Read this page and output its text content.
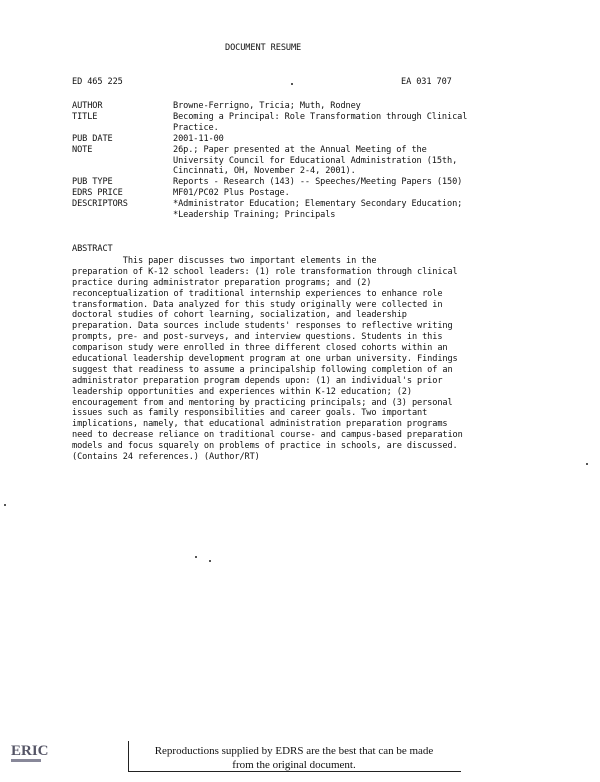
DOCUMENT RESUME
ED 465 225	EA 031 707
AUTHOR	Browne-Ferrigno, Tricia; Muth, Rodney
TITLE	Becoming a Principal: Role Transformation through Clinical
Practice.
PUB DATE	2001-11-00
NOTE	26p.; Paper presented at the Annual Meeting of the
University Council for Educational Administration (15th,
Cincinnati, OH, November 2-4, 2001).
PUB TYPE	Reports - Research (143) -- Speeches/Meeting Papers (150)
EDRS PRICE	MF01/PC02 Plus Postage.
DESCRIPTORS	*Administrator Education; Elementary Secondary Education;
*Leadership Training; Principals
ABSTRACT
This paper discusses two important elements in the
preparation of K-12 school leaders: (1) role transformation through clinical
practice during administrator preparation programs; and (2)
reconceptualization of traditional internship experiences to enhance role
transformation. Data analyzed for this study originally were collected in
doctoral studies of cohort learning, socialization, and leadership
preparation. Data sources include students' responses to reflective writing
prompts, pre- and post-surveys, and interview questions. Students in this
comparison study were enrolled in three different closed cohorts within an
educational leadership development program at one urban university. Findings
suggest that readiness to assume a principalship following completion of an
administrator preparation program depends upon: (1) an individual's prior
leadership opportunities and experiences within K-12 education; (2)
encouragement from and mentoring by practicing principals; and (3) personal
issues such as family responsibilities and career goals. Two important
implications, namely, that educational administration preparation programs
need to decrease reliance on traditional course- and campus-based preparation
models and focus squarely on problems of practice in schools, are discussed.
(Contains 24 references.) (Author/RT)
ERIC	Reproductions supplied by EDRS are the best that can be made
from the original document.
